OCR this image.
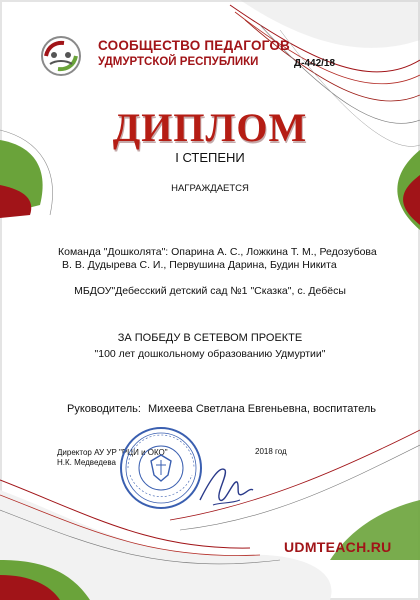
СООБЩЕСТВО ПЕДАГОГОВ
УДМУРТСКОЙ РЕСПУБЛИКИ	Д-442/18
ДИПЛОМ
I СТЕПЕНИ
НАГРАЖДАЕТСЯ
Команда "Дошколята": Опарина А. С., Ложкина Т. М., Редозубова
В. В. Дудырева С. И., Первушина Дарина, Будин Никита
МБДОУ"Дебесский детский сад №1 "Сказка", с. Дебёсы
ЗА ПОБЕДУ В СЕТЕВОМ ПРОЕКТЕ
"100 лет дошкольному образованию Удмуртии"
Руководитель: Михеева Светлана Евгеньевна, воспитатель
Директор АУ УР "РЦИ и ОКО"
Н.К. Медведева
2018 год
UDMTEACH.RU
